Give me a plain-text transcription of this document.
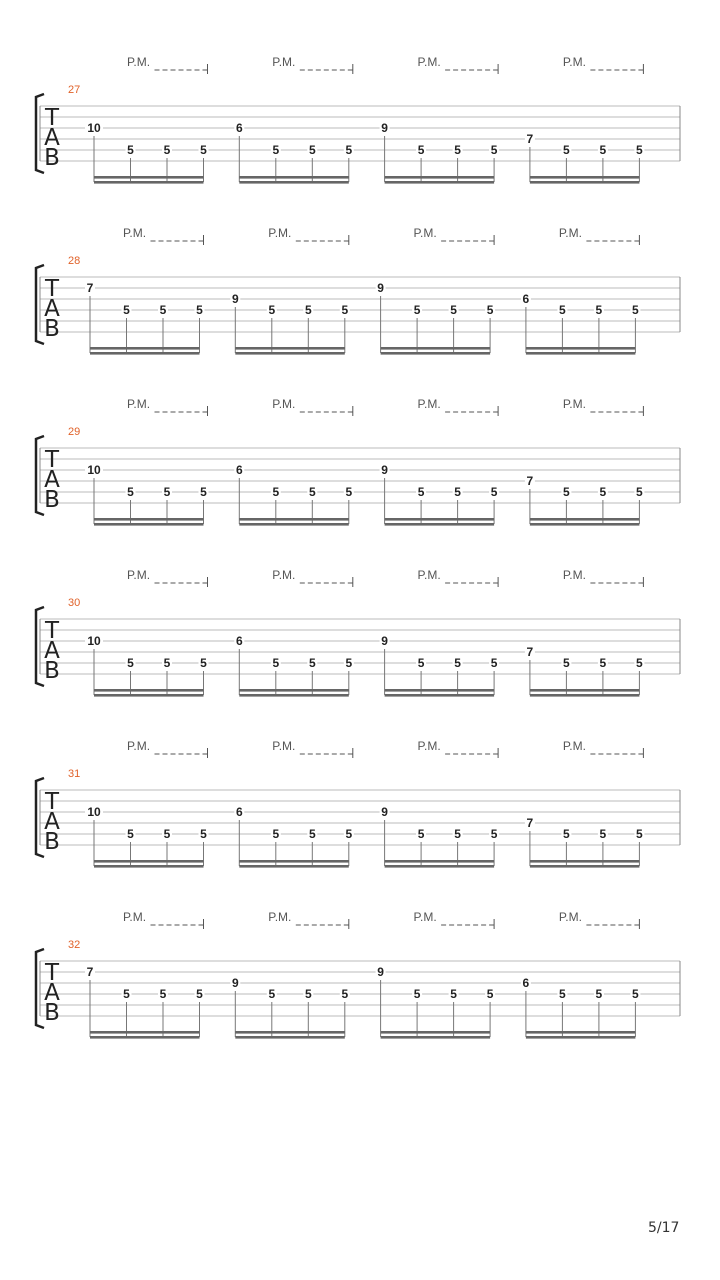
T
A
B
27
P.M.
10
5 5 5
P.M.
6
5 5 5
P.M.
9
5 5 5
P.M.
7
5 5 5
T
A
B
28
P.M.
7
5 5 5
P.M.
9
5 5 5
P.M.
9
5 5 5
P.M.
6
5 5 5
T
A
B
29
P.M.
10
5 5 5
P.M.
6
5 5 5
P.M.
9
5 5 5
P.M.
7
5 5 5
T
A
B
30
P.M.
10
5 5 5
P.M.
6
5 5 5
P.M.
9
5 5 5
P.M.
7
5 5 5
T
A
B
31
P.M.
10
5 5 5
P.M.
6
5 5 5
P.M.
9
5 5 5
P.M.
7
5 5 5
T
A
B
32
P.M.
7
5 5 5
P.M.
9
5 5 5
P.M.
9
5 5 5
P.M.
6
5 5 5
5/17
